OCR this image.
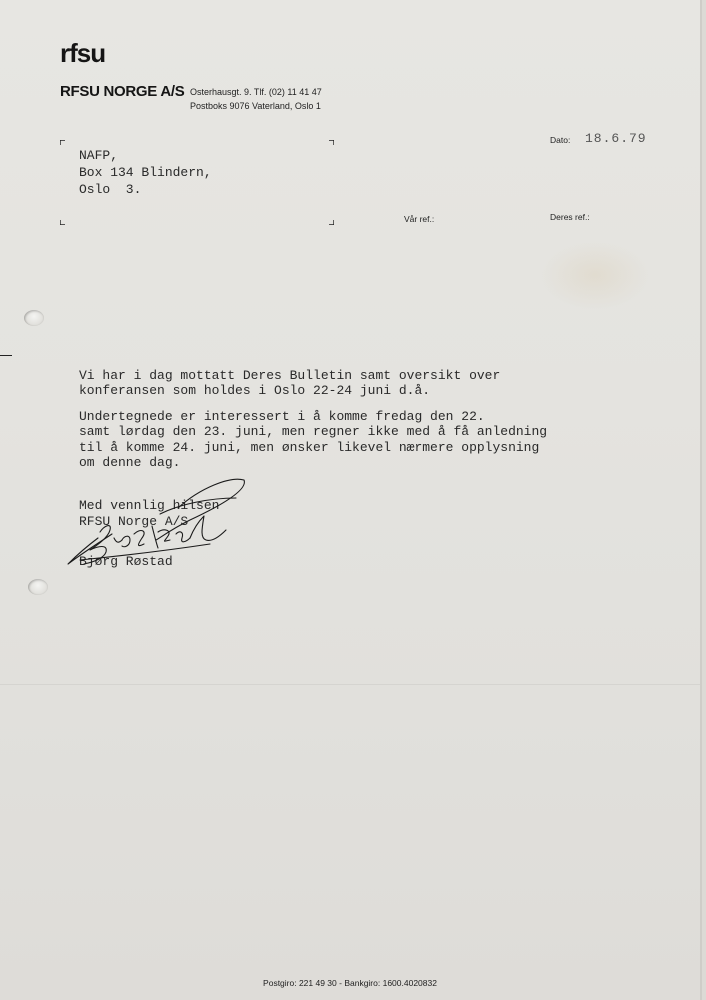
rfsu
RFSU NORGE A/S Osterhausgt. 9. Tlf. (02) 11 41 47
Postboks 9076 Vaterland, Oslo 1
NAFP,
Box 134 Blindern,
Oslo  3.
Dato: 18.6.79
Vår ref.:	Deres ref.:
Vi har i dag mottatt Deres Bulletin samt oversikt over
konferansen som holdes i Oslo 22-24 juni d.å.
Undertegnede er interessert i å komme fredag den 22.
samt lørdag den 23. juni, men regner ikke med å få anledning
til å komme 24. juni, men ønsker likevel nærmere opplysning
om denne dag.
Med vennlig hilsen
RFSU Norge A/S
Bjørg Røstad
Postgiro: 221 49 30 - Bankgiro: 1600.4020832
